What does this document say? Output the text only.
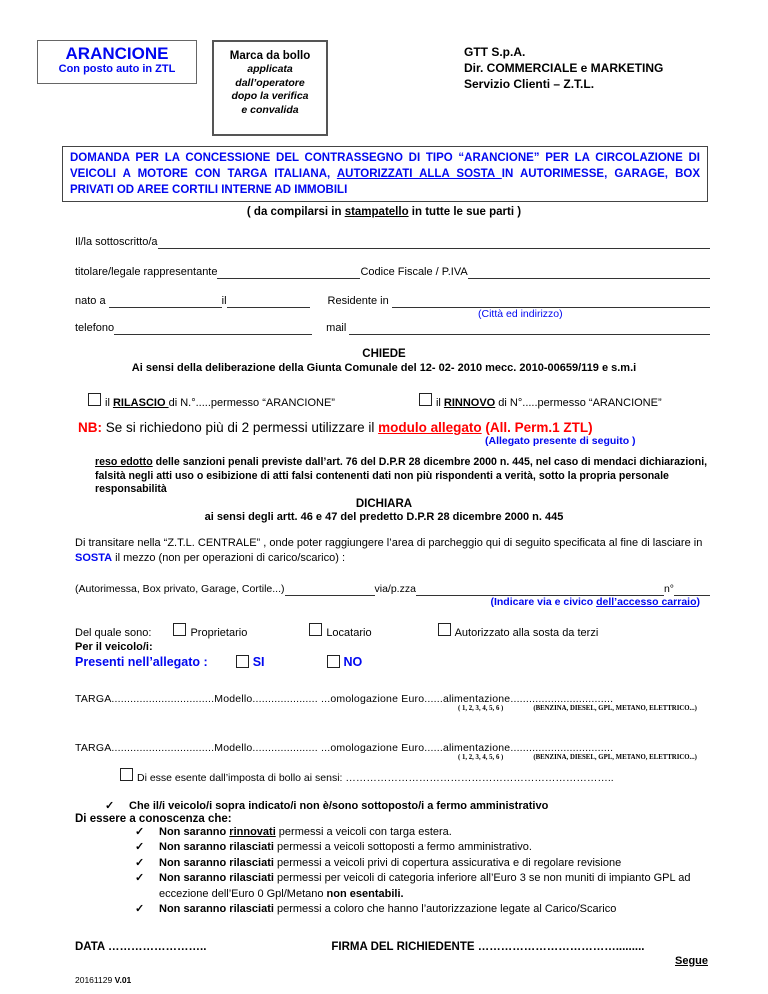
ARANCIONE
Con posto auto in ZTL
Marca da bollo
applicata
dall’operatore
dopo la verifica
e convalida
GTT S.p.A.
Dir. COMMERCIALE e MARKETING
Servizio Clienti – Z.T.L.
DOMANDA PER LA CONCESSIONE DEL CONTRASSEGNO DI TIPO “ARANCIONE” PER LA CIRCOLAZIONE DI VEICOLI A MOTORE CON TARGA ITALIANA, AUTORIZZATI ALLA SOSTA IN AUTORIMESSE, GARAGE, BOX PRIVATI OD AREE CORTILI INTERNE AD IMMOBILI
( da compilarsi in stampatello in tutte le sue parti )
Il/la sottoscritto/a
titolare/legale rappresentante	Codice Fiscale / P.IVA
nato a
	il	Residente in

(Città ed indirizzo)
telefono	mail

CHIEDE
Ai sensi della deliberazione della Giunta Comunale del 12- 02- 2010 mecc. 2010-00659/119 e s.m.i
il RILASCIO di N.°.....permesso “ARANCIONE”	il RINNOVO di N°.....permesso “ARANCIONE”
NB: Se si richiedono più di 2 permessi utilizzare il modulo allegato (All. Perm.1 ZTL)
(Allegato presente di seguito )
reso edotto delle sanzioni penali previste dall’art. 76 del D.P.R 28 dicembre 2000 n. 445, nel caso di mendaci dichiarazioni, falsità negli atti uso o esibizione di atti falsi contenenti dati non più rispondenti a verità, sotto la propria personale responsabilità
DICHIARA
ai sensi degli artt. 46 e 47 del predetto D.P.R 28 dicembre 2000 n. 445
Di transitare nella “Z.T.L. CENTRALE” , onde poter raggiungere l’area di parcheggio qui di seguito specificata al fine di lasciare in SOSTA il mezzo (non per operazioni di carico/scarico) :
(Autorimessa, Box privato, Garage, Cortile...)	via/p.zza	n°
(Indicare via e civico dell’accesso carraio)
Del quale sono:	Proprietario	Locatario	Autorizzato alla sosta da terzi
Per il veicolo/i:
Presenti nell’allegato :	SI	NO
TARGA.................................Modello..................... ...omologazione Euro......alimentazione.................................
( 1, 2, 3, 4, 5, 6 )	(BENZINA, DIESEL, GPL, METANO, ELETTRICO...)
TARGA.................................Modello..................... ...omologazione Euro......alimentazione.................................
( 1, 2, 3, 4, 5, 6 )	(BENZINA, DIESEL, GPL, METANO, ELETTRICO...)
Di esse esente dall’imposta di bollo ai sensi: …………………………………………………………………..
✓	Che il/i veicolo/i sopra indicato/i non è/sono sottoposto/i a fermo amministrativo
Di essere a conoscenza che:
✓	Non saranno rinnovati permessi a veicoli con targa estera.
✓	Non saranno rilasciati permessi a veicoli sottoposti a fermo amministrativo.
✓	Non saranno rilasciati permessi a veicoli privi di copertura assicurativa e di regolare revisione
✓	Non saranno rilasciati permessi per veicoli di categoria inferiore all’Euro 3 se non muniti di impianto GPL ad eccezione dell’Euro 0 Gpl/Metano non esentabili.
✓	Non saranno rilasciati permessi a coloro che hanno l’autorizzazione legate al Carico/Scarico
DATA ……………………..	FIRMA DEL RICHIEDENTE ……………………………….........
Segue
20161129 V.01
